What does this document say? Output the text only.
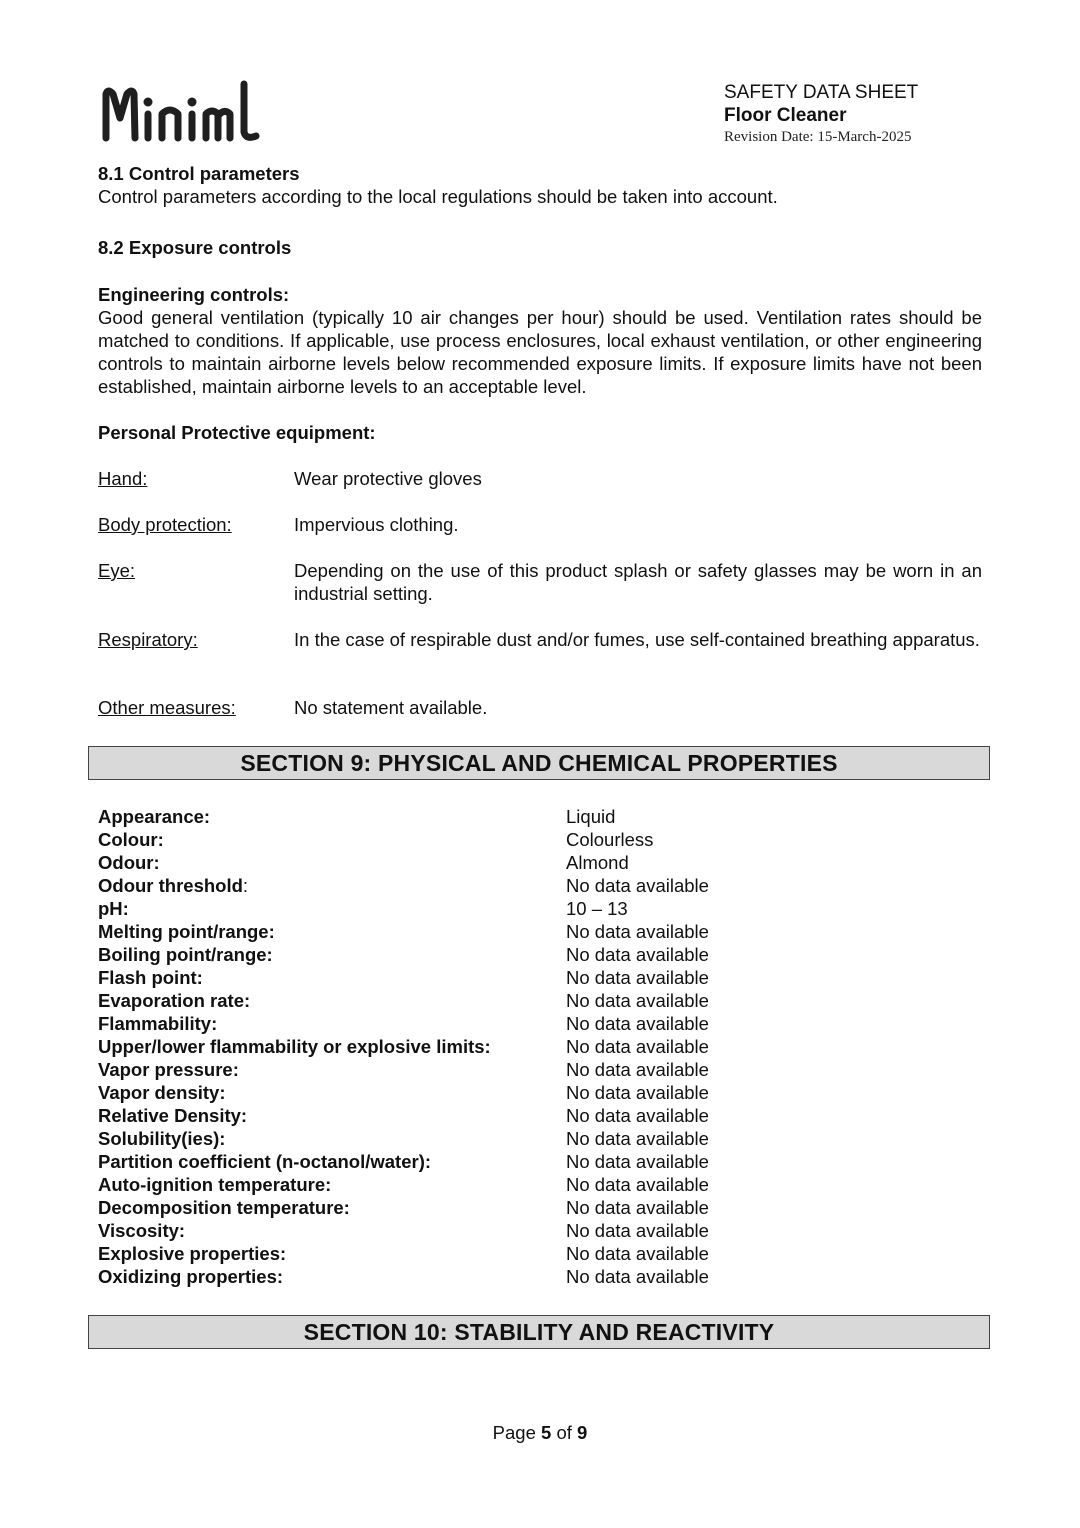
SAFETY DATA SHEET
Floor Cleaner
Revision Date: 15-March-2025
8.1 Control parameters
Control parameters according to the local regulations should be taken into account.
8.2 Exposure controls
Engineering controls:
Good general ventilation (typically 10 air changes per hour) should be used. Ventilation rates should be matched to conditions. If applicable, use process enclosures, local exhaust ventilation, or other engineering controls to maintain airborne levels below recommended exposure limits. If exposure limits have not been established, maintain airborne levels to an acceptable level.
Personal Protective equipment:
Hand:	Wear protective gloves
Body protection:	Impervious clothing.
Eye:	Depending on the use of this product splash or safety glasses may be worn in an industrial setting.
Respiratory:	In the case of respirable dust and/or fumes, use self-contained breathing apparatus.
Other measures:	No statement available.
SECTION 9: PHYSICAL AND CHEMICAL PROPERTIES
Appearance:	Liquid
Colour:	Colourless
Odour:	Almond
Odour threshold:	No data available
pH:	10 – 13
Melting point/range:	No data available
Boiling point/range:	No data available
Flash point:	No data available
Evaporation rate:	No data available
Flammability:	No data available
Upper/lower flammability or explosive limits:	No data available
Vapor pressure:	No data available
Vapor density:	No data available
Relative Density:	No data available
Solubility(ies):	No data available
Partition coefficient (n-octanol/water):	No data available
Auto-ignition temperature:	No data available
Decomposition temperature:	No data available
Viscosity:	No data available
Explosive properties:	No data available
Oxidizing properties:	No data available
SECTION 10: STABILITY AND REACTIVITY
Page 5 of 9
